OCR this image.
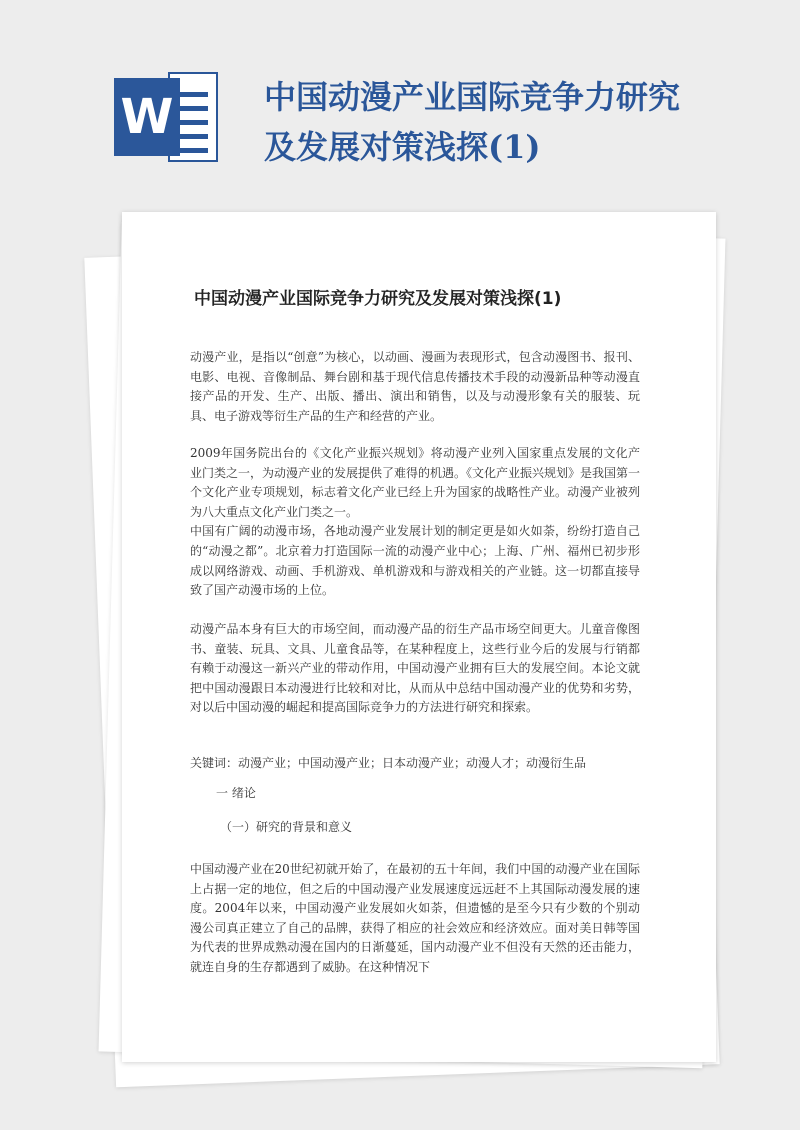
W	中国动漫产业国际竞争力研究及发展对策浅探(1)
中国动漫产业国际竞争力研究及发展对策浅探(1)

动漫产业，是指以“创意”为核心，以动画、漫画为表现形式，包含动漫图书、报刊、电影、电视、音像制品、舞台剧和基于现代信息传播技术手段的动漫新品种等动漫直接产品的开发、生产、出版、播出、演出和销售，以及与动漫形象有关的服装、玩具、电子游戏等衍生产品的生产和经营的产业。

2009年国务院出台的《文化产业振兴规划》将动漫产业列入国家重点发展的文化产业门类之一，为动漫产业的发展提供了难得的机遇。《文化产业振兴规划》是我国第一个文化产业专项规划，标志着文化产业已经上升为国家的战略性产业。动漫产业被列为八大重点文化产业门类之一。

中国有广阔的动漫市场，各地动漫产业发展计划的制定更是如火如荼，纷纷打造自己的“动漫之都”。北京着力打造国际一流的动漫产业中心；上海、广州、福州已初步形成以网络游戏、动画、手机游戏、单机游戏和与游戏相关的产业链。这一切都直接导致了国产动漫市场的上位。

动漫产品本身有巨大的市场空间，而动漫产品的衍生产品市场空间更大。儿童音像图书、童装、玩具、文具、儿童食品等，在某种程度上，这些行业今后的发展与行销都有赖于动漫这一新兴产业的带动作用，中国动漫产业拥有巨大的发展空间。本论文就把中国动漫跟日本动漫进行比较和对比，从而从中总结中国动漫产业的优势和劣势，对以后中国动漫的崛起和提高国际竞争力的方法进行研究和探索。

关键词：动漫产业；中国动漫产业；日本动漫产业；动漫人才；动漫衍生品
一 绪论
（一）研究的背景和意义

中国动漫产业在20世纪初就开始了，在最初的五十年间，我们中国的动漫产业在国际上占据一定的地位，但之后的中国动漫产业发展速度远远赶不上其国际动漫发展的速度。2004年以来，中国动漫产业发展如火如荼，但遗憾的是至今只有少数的个别动漫公司真正建立了自己的品牌，获得了相应的社会效应和经济效应。面对美日韩等国为代表的世界成熟动漫在国内的日渐蔓延，国内动漫产业不但没有天然的还击能力，就连自身的生存都遇到了威胁。在这种情况下
